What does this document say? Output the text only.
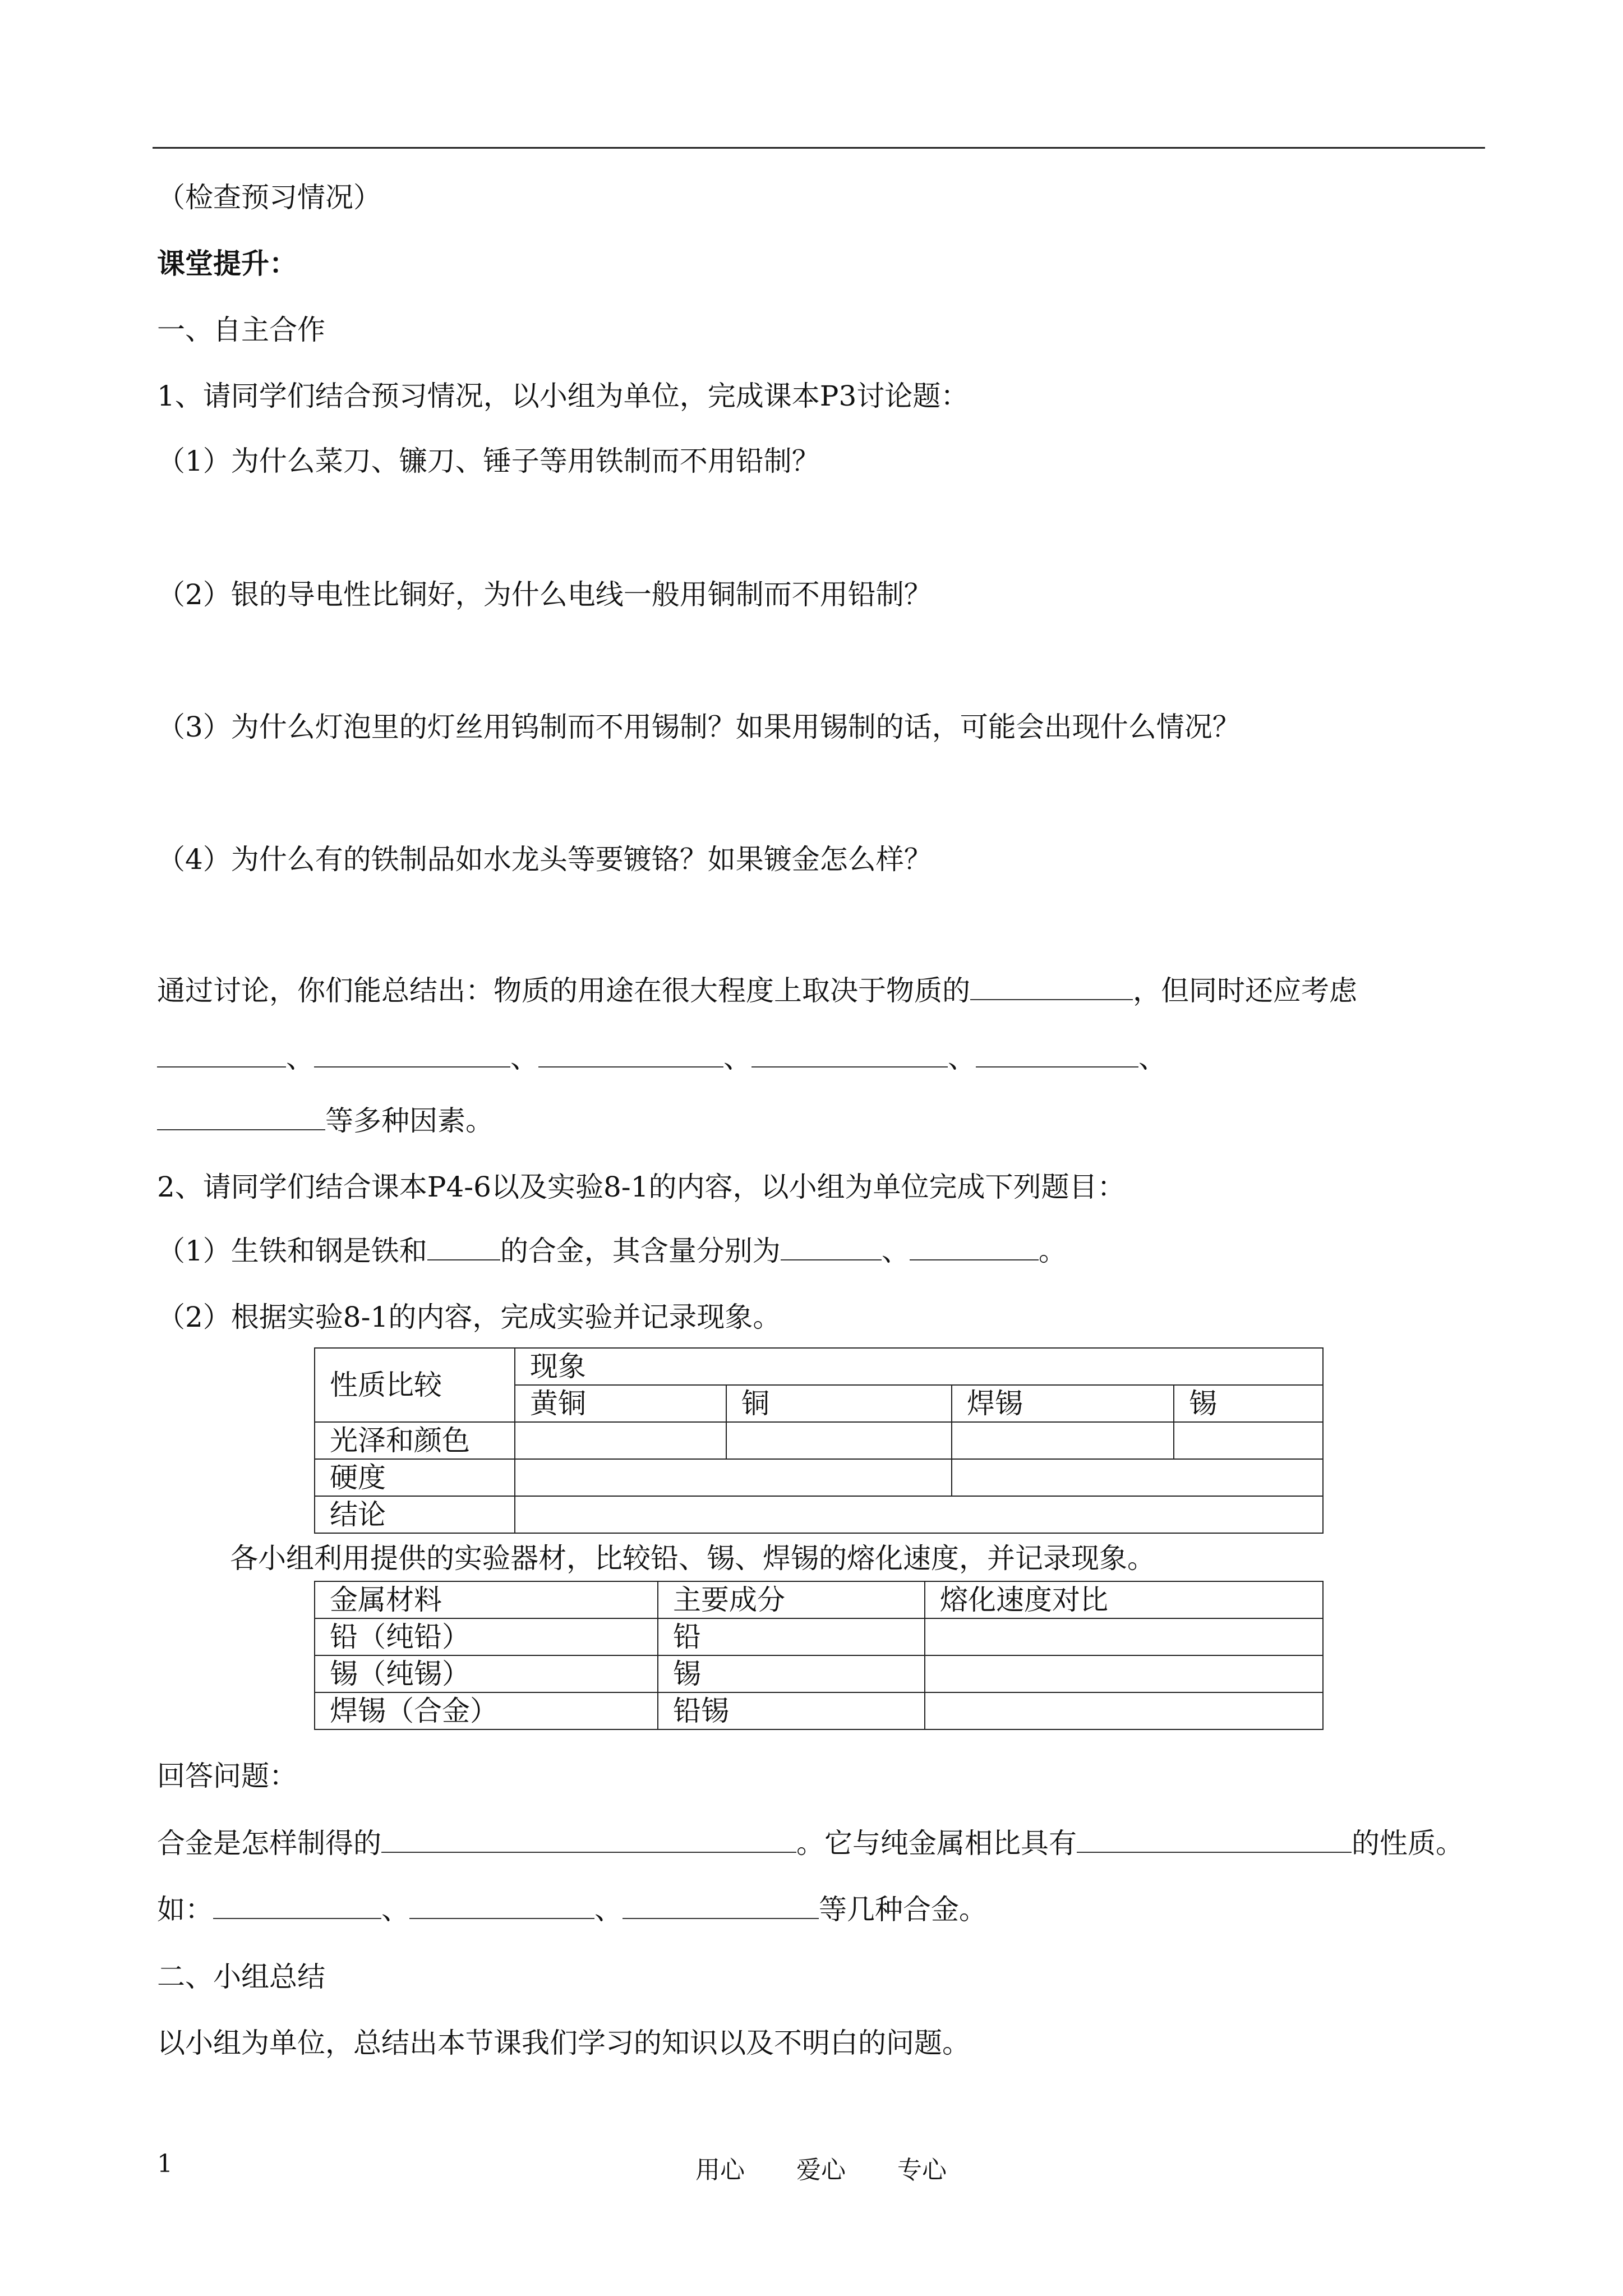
（检查预习情况）
课堂提升：
一、自主合作
1、请同学们结合预习情况，以小组为单位，完成课本P3讨论题：
（1）为什么菜刀、镰刀、锤子等用铁制而不用铅制？
（2）银的导电性比铜好，为什么电线一般用铜制而不用铅制？
（3）为什么灯泡里的灯丝用钨制而不用锡制？如果用锡制的话，可能会出现什么情况？
（4）为什么有的铁制品如水龙头等要镀铬？如果镀金怎么样？
通过讨论，你们能总结出：物质的用途在很大程度上取决于物质的	，但同时还应考虑
、	、	、	、	、
等多种因素。
2、请同学们结合课本P4-6以及实验8-1的内容，以小组为单位完成下列题目：
（1）生铁和钢是铁和	的合金，其含量分别为	、	。
（2）根据实验8-1的内容，完成实验并记录现象。
性质比较	现象			
	黄铜	铜	焊锡	锡
光泽和颜色				
硬度				
结论				
各小组利用提供的实验器材，比较铅、锡、焊锡的熔化速度，并记录现象。
金属材料	主要成分	熔化速度对比
铅（纯铅）	铅	
锡（纯锡）	锡	
焊锡（合金）	铅锡	
回答问题：
合金是怎样制得的	。它与纯金属相比具有	的性质。
如：	、	、	等几种合金。
二、小组总结
以小组为单位，总结出本节课我们学习的知识以及不明白的问题。
1	用心 爱心 专心
